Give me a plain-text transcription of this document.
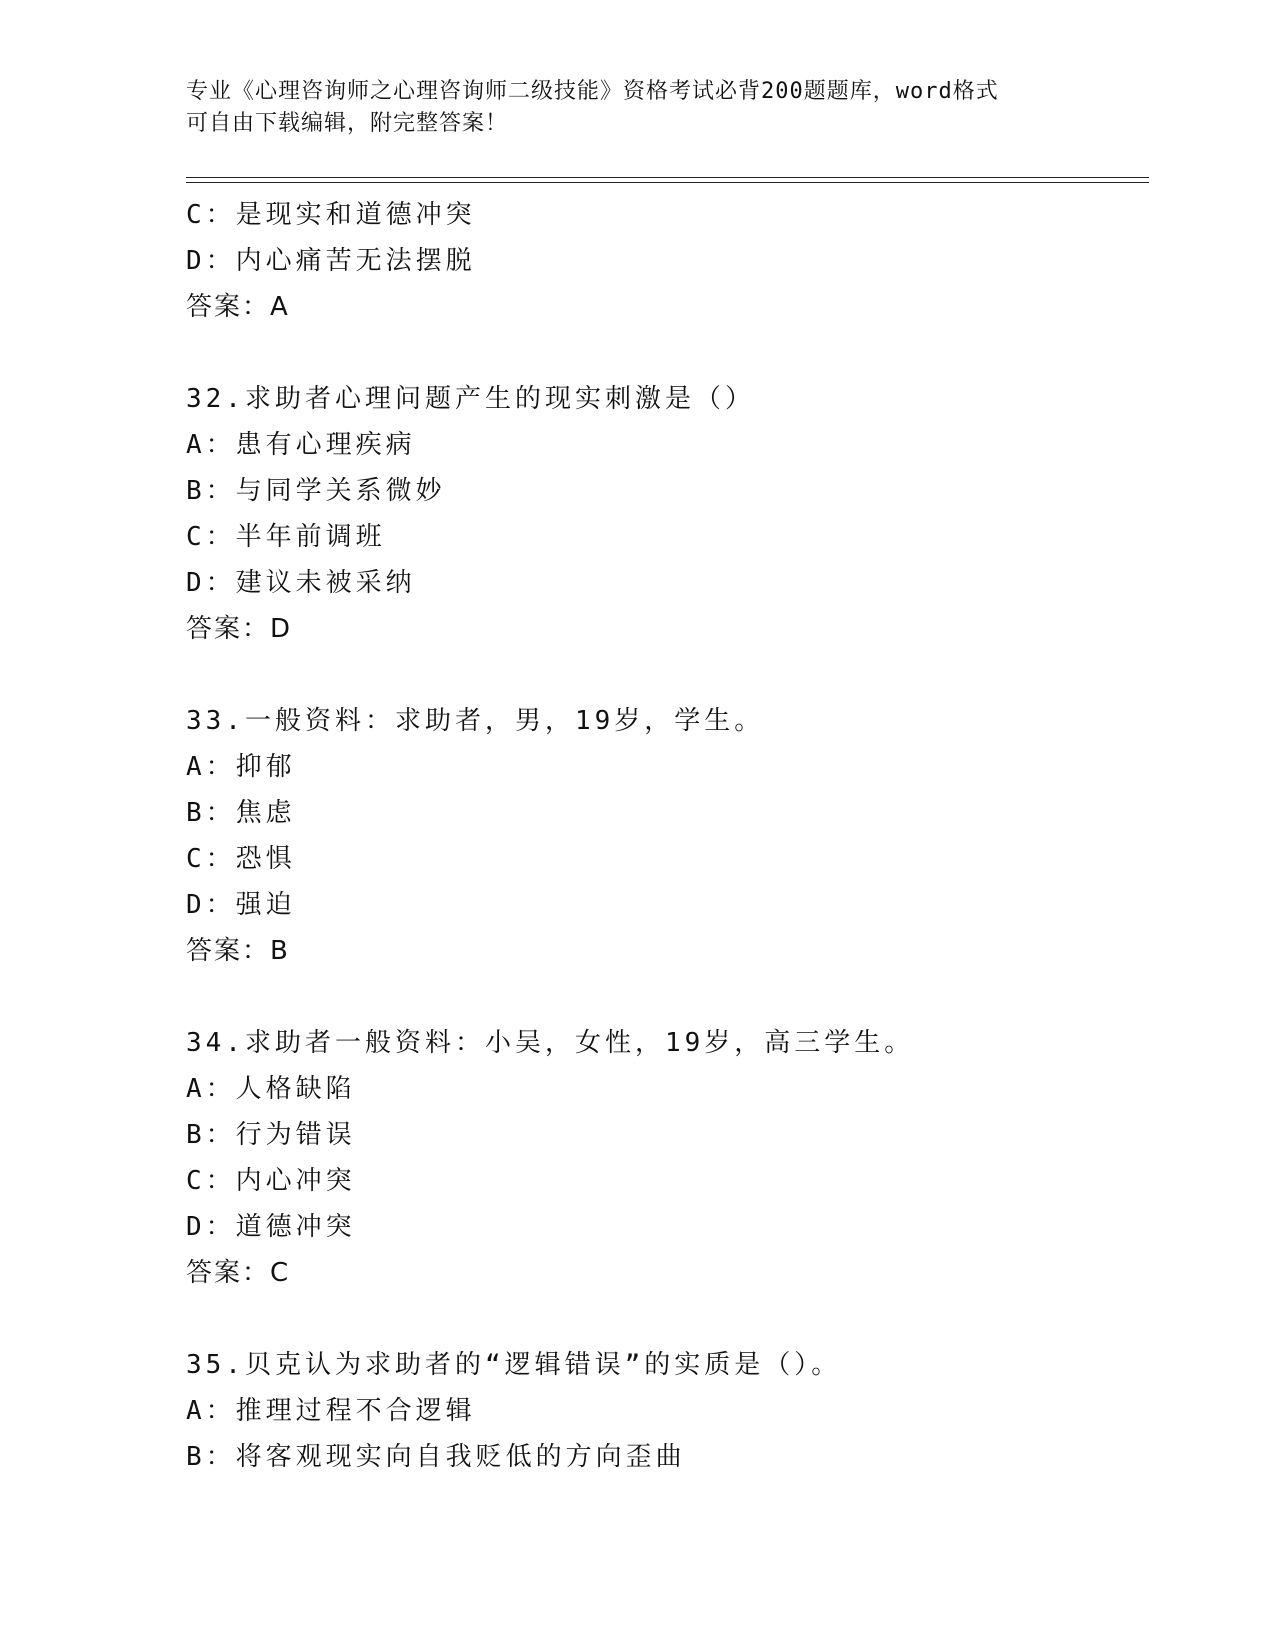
专业《心理咨询师之心理咨询师二级技能》资格考试必背200题题库，word格式
可自由下载编辑，附完整答案！
C：是现实和道德冲突
D：内心痛苦无法摆脱
答案：A
32.求助者心理问题产生的现实刺激是（）
A：患有心理疾病
B：与同学关系微妙
C：半年前调班
D：建议未被采纳
答案：D
33.一般资料：求助者，男，19岁，学生。
A：抑郁
B：焦虑
C：恐惧
D：强迫
答案：B
34.求助者一般资料：小吴，女性，19岁，高三学生。
A：人格缺陷
B：行为错误
C：内心冲突
D：道德冲突
答案：C
35.贝克认为求助者的“逻辑错误”的实质是（）。
A：推理过程不合逻辑
B：将客观现实向自我贬低的方向歪曲
